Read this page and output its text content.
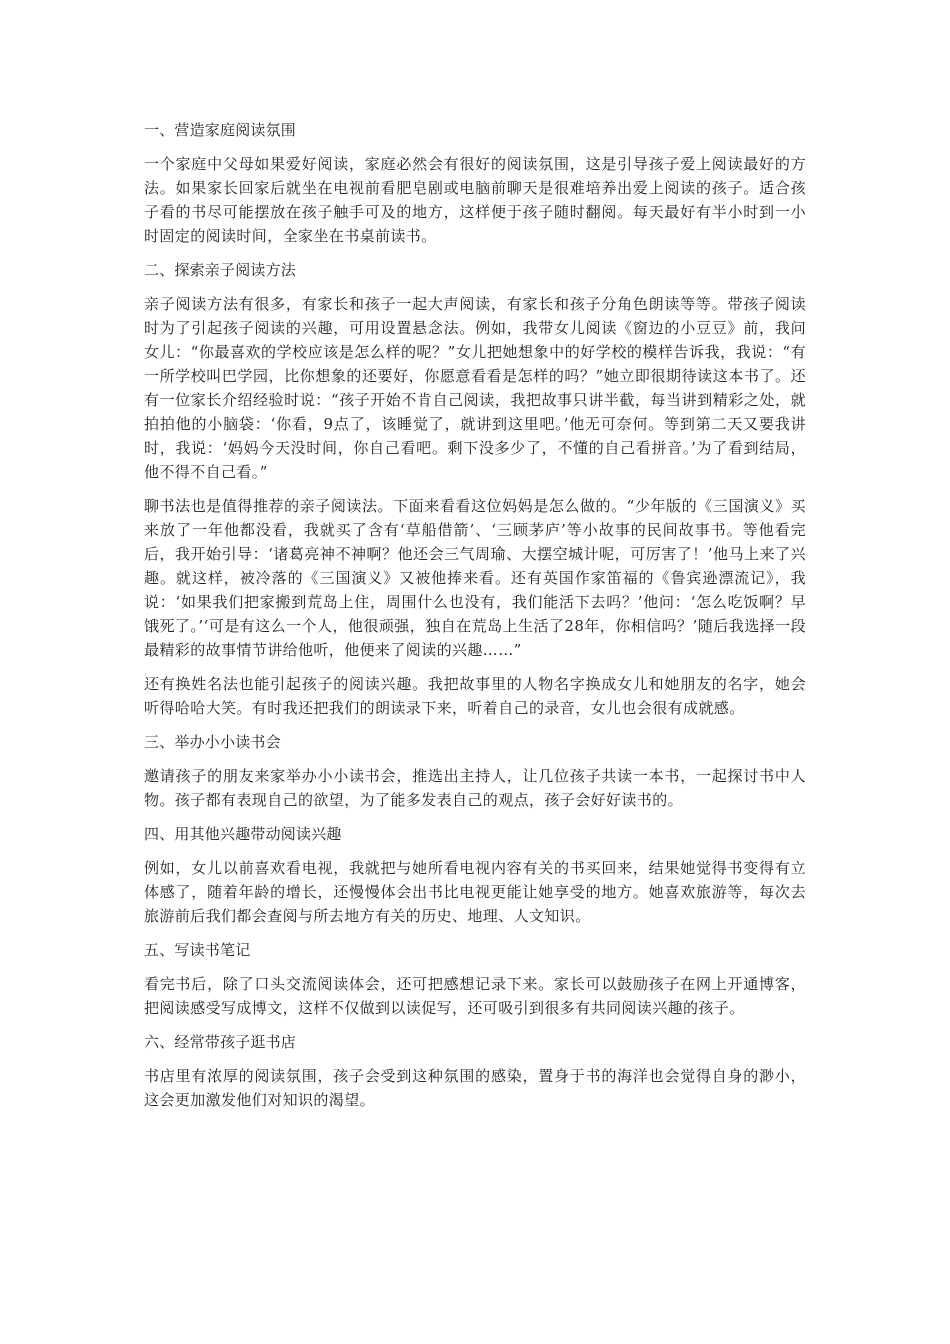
一、营造家庭阅读氛围

一个家庭中父母如果爱好阅读，家庭必然会有很好的阅读氛围，这是引导孩子爱上阅读最好的方法。如果家长回家后就坐在电视前看肥皂剧或电脑前聊天是很难培养出爱上阅读的孩子。适合孩子看的书尽可能摆放在孩子触手可及的地方，这样便于孩子随时翻阅。每天最好有半小时到一小时固定的阅读时间，全家坐在书桌前读书。

二、探索亲子阅读方法

亲子阅读方法有很多，有家长和孩子一起大声阅读，有家长和孩子分角色朗读等等。带孩子阅读时为了引起孩子阅读的兴趣，可用设置悬念法。例如，我带女儿阅读《窗边的小豆豆》前，我问女儿：“你最喜欢的学校应该是怎么样的呢？”女儿把她想象中的好学校的模样告诉我，我说：“有一所学校叫巴学园，比你想象的还要好，你愿意看看是怎样的吗？”她立即很期待读这本书了。还有一位家长介绍经验时说：“孩子开始不肯自己阅读，我把故事只讲半截，每当讲到精彩之处，就拍拍他的小脑袋：‘你看，9点了，该睡觉了，就讲到这里吧。’他无可奈何。等到第二天又要我讲时，我说：‘妈妈今天没时间，你自己看吧。剩下没多少了，不懂的自己看拼音。’为了看到结局，他不得不自己看。”

聊书法也是值得推荐的亲子阅读法。下面来看看这位妈妈是怎么做的。“少年版的《三国演义》买来放了一年他都没看，我就买了含有‘草船借箭’、‘三顾茅庐’等小故事的民间故事书。等他看完后，我开始引导：‘诸葛亮神不神啊？他还会三气周瑜、大摆空城计呢，可厉害了！’他马上来了兴趣。就这样，被冷落的《三国演义》又被他捧来看。还有英国作家笛福的《鲁宾逊漂流记》，我说：‘如果我们把家搬到荒岛上住，周围什么也没有，我们能活下去吗？’他问：‘怎么吃饭啊？早饿死了。’‘可是有这么一个人，他很顽强，独自在荒岛上生活了28年，你相信吗？’随后我选择一段最精彩的故事情节讲给他听，他便来了阅读的兴趣……”

还有换姓名法也能引起孩子的阅读兴趣。我把故事里的人物名字换成女儿和她朋友的名字，她会听得哈哈大笑。有时我还把我们的朗读录下来，听着自己的录音，女儿也会很有成就感。

三、举办小小读书会

邀请孩子的朋友来家举办小小读书会，推选出主持人，让几位孩子共读一本书，一起探讨书中人物。孩子都有表现自己的欲望，为了能多发表自己的观点，孩子会好好读书的。

四、用其他兴趣带动阅读兴趣

例如，女儿以前喜欢看电视，我就把与她所看电视内容有关的书买回来，结果她觉得书变得有立体感了，随着年龄的增长，还慢慢体会出书比电视更能让她享受的地方。她喜欢旅游等，每次去旅游前后我们都会查阅与所去地方有关的历史、地理、人文知识。

五、写读书笔记

看完书后，除了口头交流阅读体会，还可把感想记录下来。家长可以鼓励孩子在网上开通博客，把阅读感受写成博文，这样不仅做到以读促写，还可吸引到很多有共同阅读兴趣的孩子。

六、经常带孩子逛书店

书店里有浓厚的阅读氛围，孩子会受到这种氛围的感染，置身于书的海洋也会觉得自身的渺小，这会更加激发他们对知识的渴望。
